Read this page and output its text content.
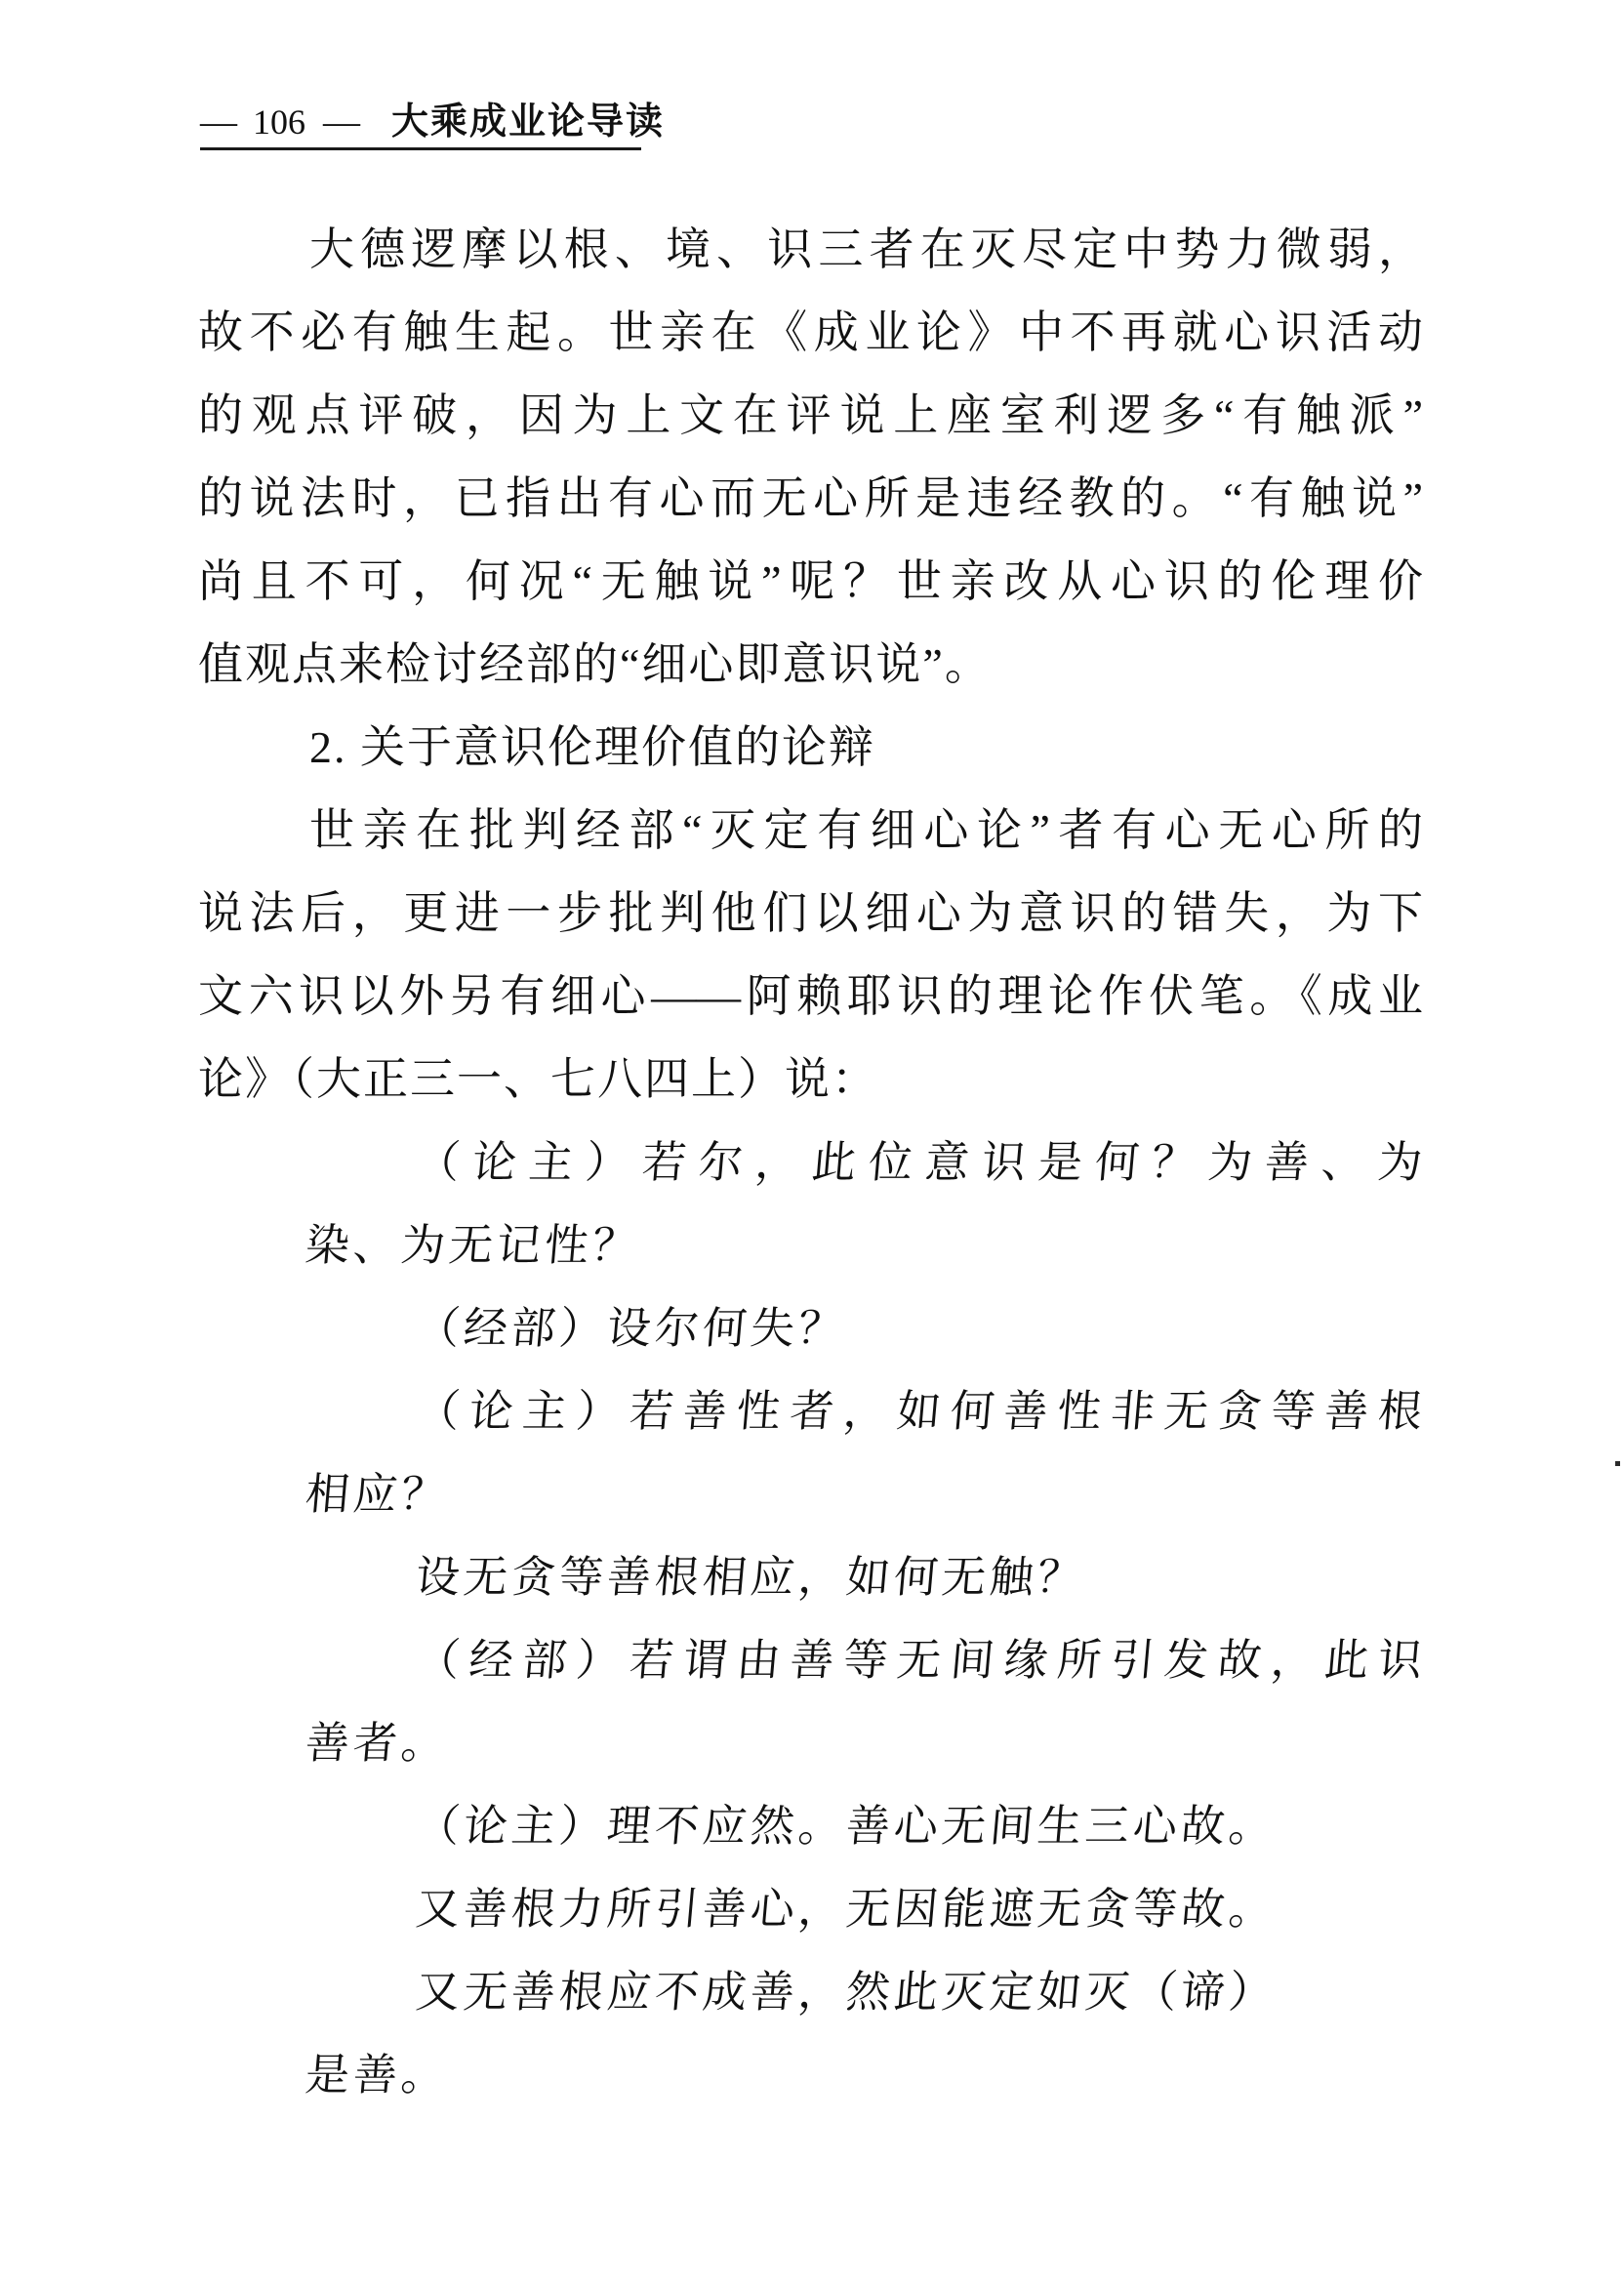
— 106 — 大乘成业论导读
大德逻摩以根、境、识三者在灭尽定中势力微弱，
故不必有触生起。世亲在《成业论》中不再就心识活动
的观点评破，因为上文在评说上座室利逻多“有触派”
的说法时，已指出有心而无心所是违经教的。“有触说”
尚且不可，何况“无触说”呢？世亲改从心识的伦理价
值观点来检讨经部的“细心即意识说”。
2. 关于意识伦理价值的论辩
世亲在批判经部“灭定有细心论”者有心无心所的
说法后，更进一步批判他们以细心为意识的错失，为下
文六识以外另有细心——阿赖耶识的理论作伏笔。《成业
论》（大正三一、七八四上）说：
（论主）若尔，此位意识是何？为善、为
染、为无记性？
（经部）设尔何失？
（论主）若善性者，如何善性非无贪等善根
相应？
设无贪等善根相应，如何无触？
（经部）若谓由善等无间缘所引发故，此识
善者。
（论主）理不应然。善心无间生三心故。
又善根力所引善心，无因能遮无贪等故。
又无善根应不成善，然此灭定如灭（谛）
是善。
